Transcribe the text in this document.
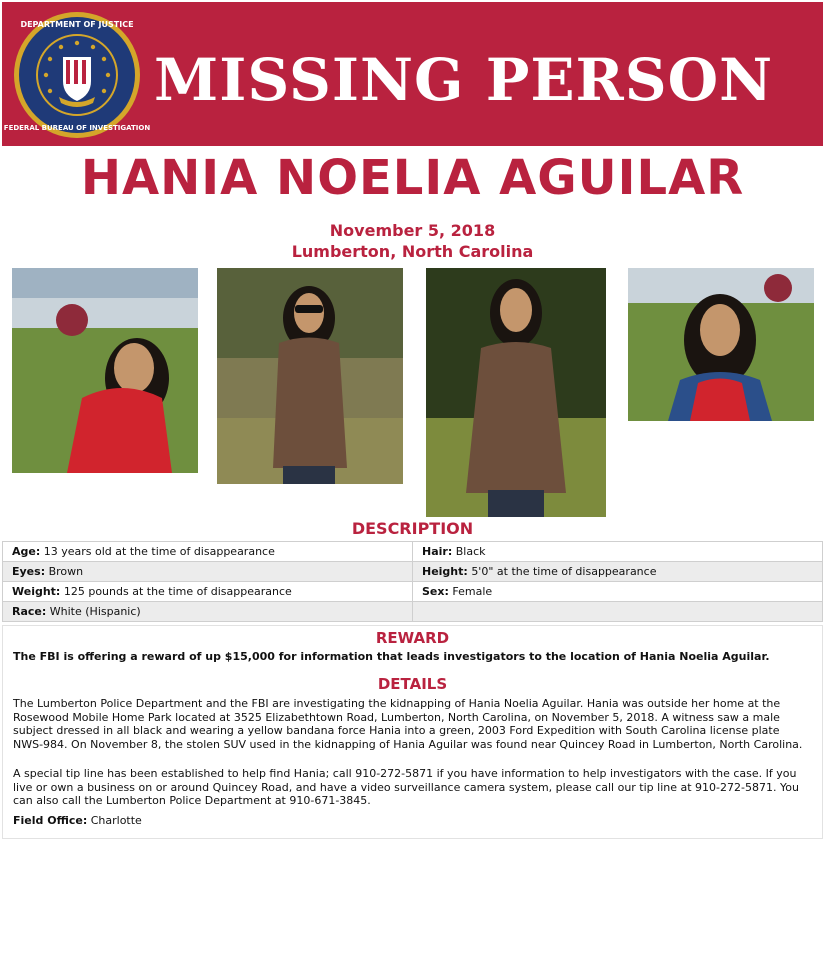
DEPARTMENT OF JUSTICE
FEDERAL BUREAU OF INVESTIGATION
MISSING PERSON
HANIA NOELIA AGUILAR
November 5, 2018
Lumberton, North Carolina
DESCRIPTION
Age: 13 years old at the time of disappearance	Hair: Black
Eyes: Brown	Height: 5'0" at the time of disappearance
Weight: 125 pounds at the time of disappearance	Sex: Female
Race: White (Hispanic)	
REWARD
The FBI is offering a reward of up $15,000 for information that leads investigators to the location of Hania Noelia Aguilar.
DETAILS
The Lumberton Police Department and the FBI are investigating the kidnapping of Hania Noelia Aguilar. Hania was outside her home at the Rosewood Mobile Home Park located at 3525 Elizabethtown Road, Lumberton, North Carolina, on November 5, 2018. A witness saw a male subject dressed in all black and wearing a yellow bandana force Hania into a green, 2003 Ford Expedition with South Carolina license plate NWS-984. On November 8, the stolen SUV used in the kidnapping of Hania Aguilar was found near Quincey Road in Lumberton, North Carolina.
A special tip line has been established to help find Hania; call 910-272-5871 if you have information to help investigators with the case. If you live or own a business on or around Quincey Road, and have a video surveillance camera system, please call our tip line at 910-272-5871. You can also call the Lumberton Police Department at 910-671-3845.
Field Office: Charlotte
